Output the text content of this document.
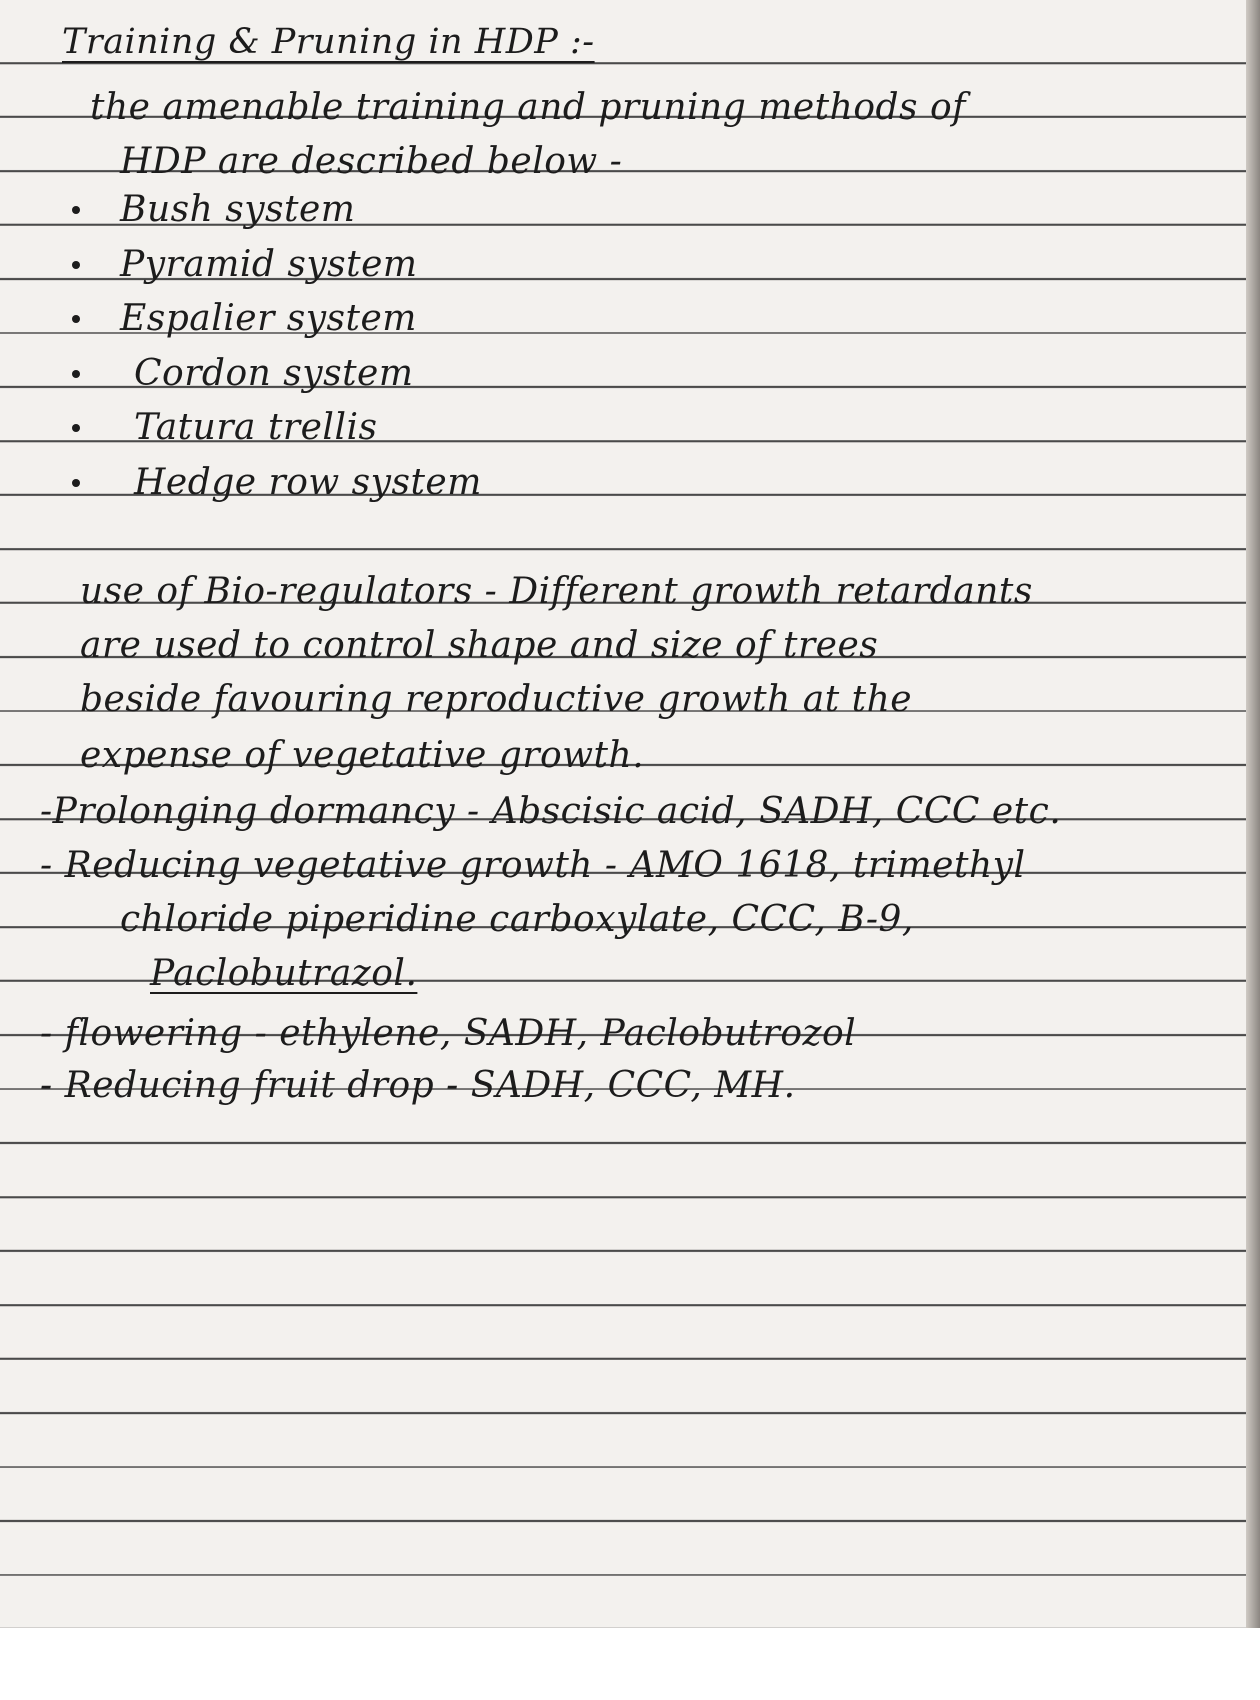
Training & Pruning in HDP :-
the amenable training and pruning methods of
HDP are described below -
Bush system
Pyramid system
Espalier system
Cordon system
Tatura trellis
Hedge row system
use of Bio-regulators - Different growth retardants
are used to control shape and size of trees
beside favouring reproductive growth at the
expense of vegetative growth.
-Prolonging dormancy - Abscisic acid, SADH, CCC etc.
- Reducing vegetative growth - AMO 1618, trimethyl
chloride piperidine carboxylate, CCC, B-9,
Paclobutrazol.
- flowering - ethylene, SADH, Paclobutrozol
- Reducing fruit drop - SADH, CCC, MH.
